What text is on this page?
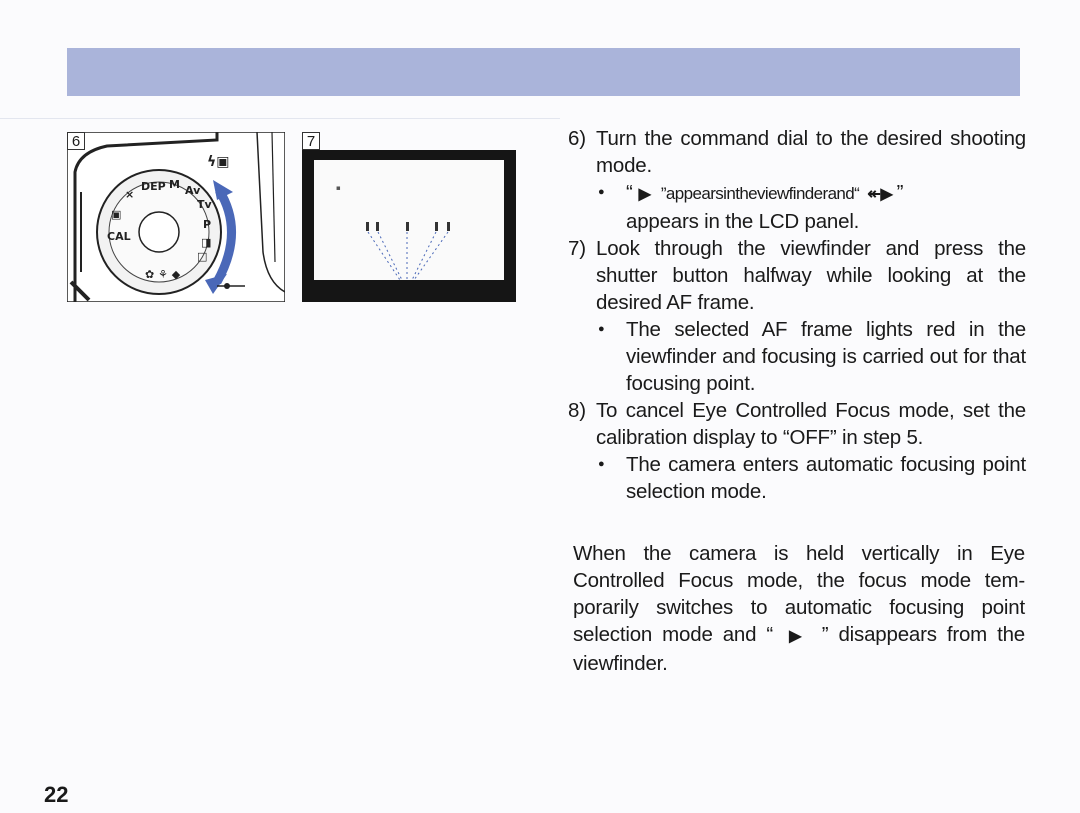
×
DEP M Av
Tv
P
▣
CAL	◨
□
✿ ⚘ ◆
ϟ▣
6
▪
7	6) Turn the command dial to the desired shooting mode.
●	“ ▶ ”appearsintheviewfinderand“ ↞▶ ”
appears in the LCD panel.
7) Look through the viewfinder and press the shutter button halfway while looking at the desired AF frame.
●	The selected AF frame lights red in the viewfinder and focusing is carried out for that focusing point.
8) To cancel Eye Controlled Focus mode, set the calibration display to “OFF” in step 5.
●	The camera enters automatic focusing point selection mode.
When the camera is held vertically in Eye Controlled Focus mode, the focus mode tem-porarily switches to automatic focusing point selection mode and “ ▶ ” disappears from the viewfinder.
22
